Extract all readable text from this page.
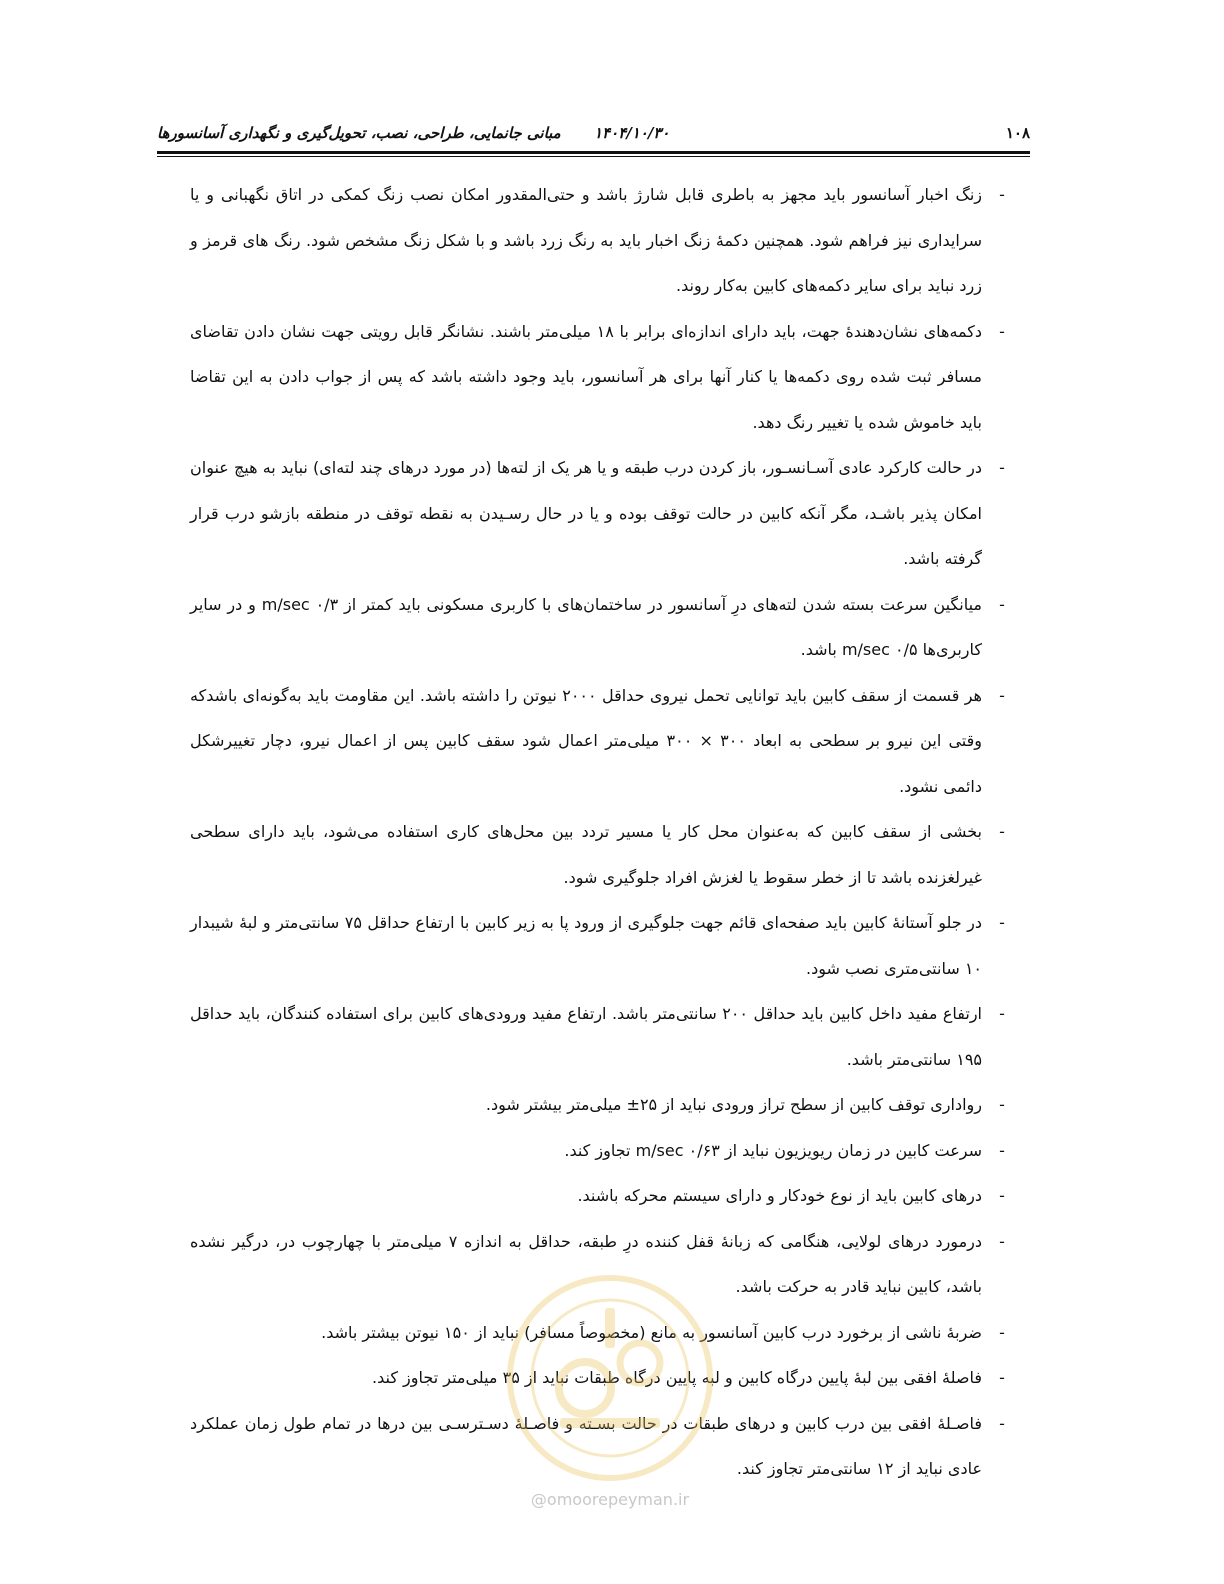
مبانی جانمایی، طراحی، نصب، تحویل‌گیری و نگهداری آسانسورها ۱۴۰۴/۱۰/۳۰	۱۰۸
-
زنگ اخبار آسانسور باید مجهز به باطری قابل شارژ باشد و حتی‌المقدور امکان نصب زنگ کمکی در اتاق نگهبانی و یا سرایداری نیز فراهم شود. همچنین دکمهٔ زنگ اخبار باید به رنگ زرد باشد و با شکل زنگ مشخص شود. رنگ های قرمز و زرد نباید برای سایر دکمه‌های کابین به‌کار روند.
-
دکمه‌های نشان‌دهندهٔ جهت، باید دارای اندازه‌ای برابر با ۱۸ میلی‌متر باشند. نشانگر قابل رویتی جهت نشان دادن تقاضای مسافر ثبت شده روی دکمه‌ها یا کنار آنها برای هر آسانسور، باید وجود داشته باشد که پس از جواب دادن به این تقاضا باید خاموش شده یا تغییر رنگ دهد.
-
در حالت کارکرد عادی آسـانسـور، باز کردن درب طبقه و یا هر یک از لته‌ها (در مورد درهای چند لته‌ای) نباید به هیچ عنوان امکان پذیر باشـد، مگر آنکه کابین در حالت توقف بوده و یا در حال رسـیدن به نقطه توقف در منطقه بازشو درب قرار گرفته باشد.
-
میانگین سرعت بسته شدن لته‌های درِ آسانسور در ساختمان‌های با کاربری مسکونی باید کمتر از m/sec ۰/۳ و در سایر کاربری‌ها m/sec ۰/۵ باشد.
-
هر قسمت از سقف کابین باید توانایی تحمل نیروی حداقل ۲۰۰۰ نیوتن را داشته باشد. این مقاومت باید به‌گونه‌ای باشدکه وقتی این نیرو بر سطحی به ابعاد ۳۰۰ × ۳۰۰ میلی‌متر اعمال شود سقف کابین پس از اعمال نیرو، دچار تغییرشکل دائمی نشود.
-
بخشی از سقف کابین که به‌عنوان محل کار یا مسیر تردد بین محل‌های کاری استفاده می‌شود، باید دارای سطحی غیرلغزنده باشد تا از خطر سقوط یا لغزش افراد جلوگیری شود.
-
در جلو آستانهٔ کابین باید صفحه‌ای قائم جهت جلوگیری از ورود پا به زیر کابین با ارتفاع حداقل ۷۵ سانتی‌متر و لبهٔ شیبدار ۱۰ سانتی‌متری نصب شود.
-
ارتفاع مفید داخل کابین باید حداقل ۲۰۰ سانتی‌متر باشد. ارتفاع مفید ورودی‌های کابین برای استفاده کنندگان، باید حداقل ۱۹۵ سانتی‌متر باشد.
-
رواداری توقف کابین از سطح تراز ورودی نباید از ۲۵± میلی‌متر بیشتر شود.
-
سرعت کابین در زمان ریویزیون نباید از m/sec ۰/۶۳ تجاوز کند.
-
درهای کابین باید از نوع خودکار و دارای سیستم محرکه باشند.
-
درمورد درهای لولایی، هنگامی که زبانهٔ قفل کننده درِ طبقه، حداقل به اندازه ۷ میلی‌متر با چهارچوب در، درگیر نشده باشد، کابین نباید قادر به حرکت باشد.
-
ضربهٔ ناشی از برخورد درب کابین آسانسور به مانع (مخصوصاً مسافر) نباید از ۱۵۰ نیوتن بیشتر باشد.
-
فاصلهٔ افقی بین لبهٔ پایین درگاه کابین و لبه پایین درگاه طبقات نباید از ۳۵ میلی‌متر تجاوز کند.
-
فاصـلهٔ افقی بین درب کابین و درهای طبقات در حالت بسـته و فاصـلهٔ دسـترسـی بین درها در تمام طول زمان عملکرد عادی نباید از ۱۲ سانتی‌متر تجاوز کند.
@omoorepeyman.ir
